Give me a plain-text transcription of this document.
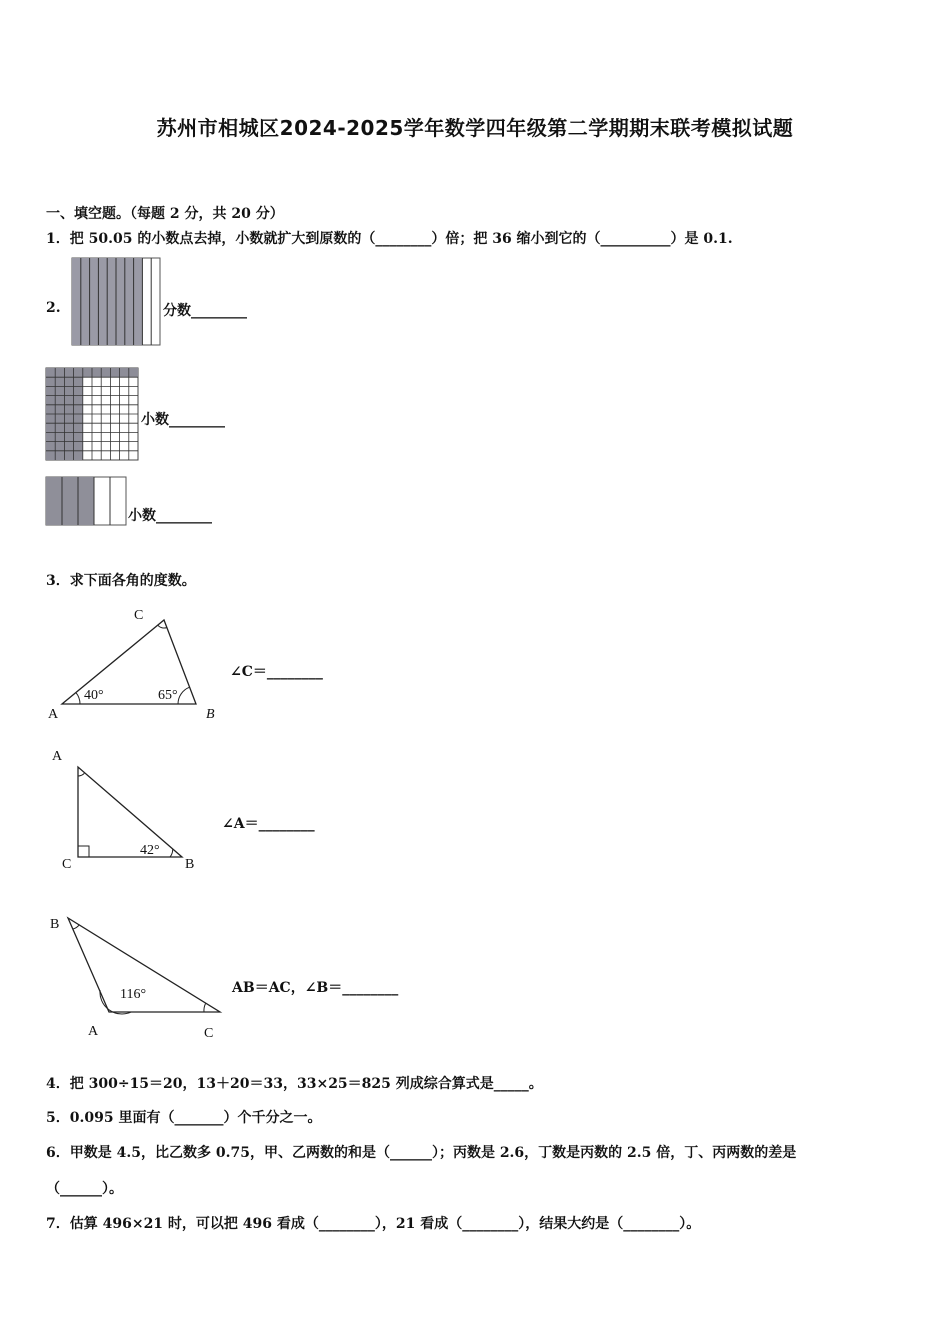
苏州市相城区2024-2025学年数学四年级第二学期期末联考模拟试题
一、填空题。（每题 2 分，共 20 分）
1．把 50.05 的小数点去掉，小数就扩大到原数的（________）倍；把 36 缩小到它的（__________）是 0.1.
2.	分数________
小数________
小数________
3．求下面各角的度数。
A	B
C
40°	65°
∠C＝________
A
B
C
42°
∠A＝________
A
B
C
116°	AB＝AC，∠B＝________
4．把 300÷15＝20，13＋20＝33，33×25＝825 列成综合算式是_____。
5．0.095 里面有（_______）个千分之一。
6．甲数是 4.5，比乙数多 0.75，甲、乙两数的和是（______）；丙数是 2.6，丁数是丙数的 2.5 倍，丁、丙两数的差是
（______）。
7．估算 496×21 时，可以把 496 看成（________），21 看成（________），结果大约是（________）。
